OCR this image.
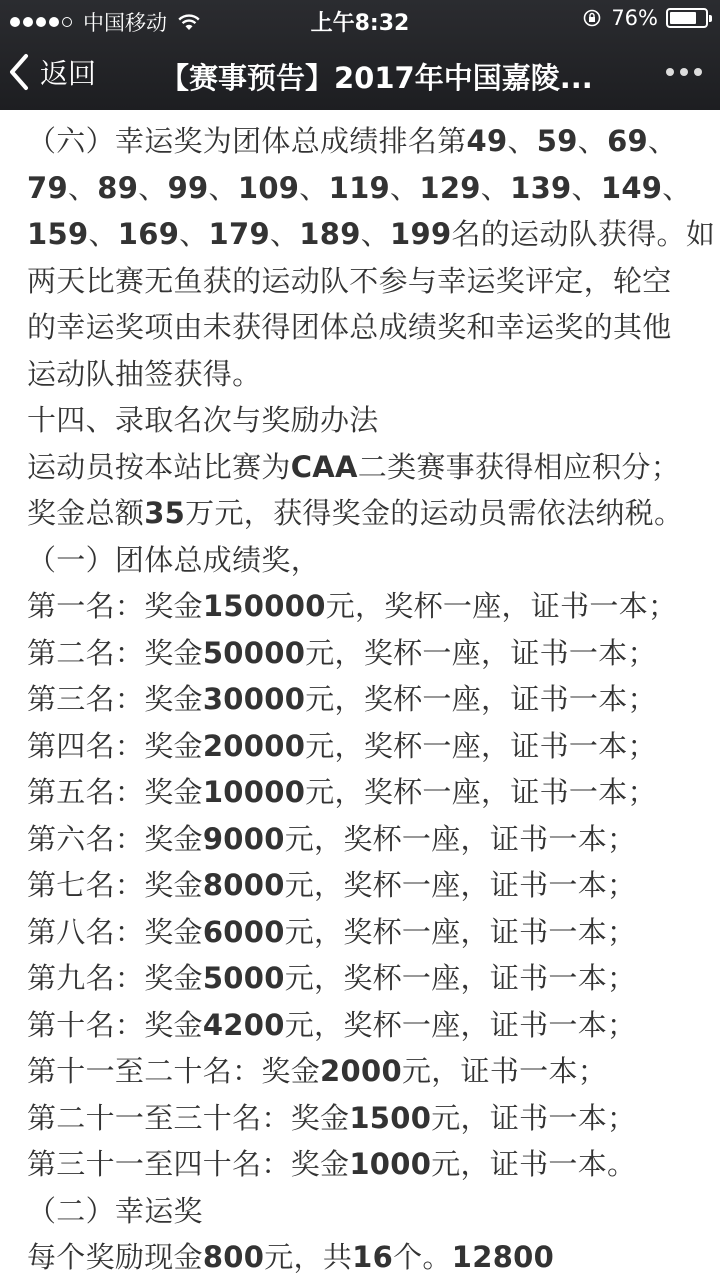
中国移动	上午8:32	76%
返回 【赛事预告】2017年中国嘉陵...
（六）幸运奖为团体总成绩排名第49、59、69、
79、89、99、109、119、129、139、149、
159、169、179、189、199名的运动队获得。如
两天比赛无鱼获的运动队不参与幸运奖评定，轮空
的幸运奖项由未获得团体总成绩奖和幸运奖的其他
运动队抽签获得。
十四、录取名次与奖励办法
运动员按本站比赛为CAA二类赛事获得相应积分；
奖金总额35万元，获得奖金的运动员需依法纳税。
（一）团体总成绩奖，
第一名：奖金150000元，奖杯一座，证书一本；
第二名：奖金50000元，奖杯一座，证书一本；
第三名：奖金30000元，奖杯一座，证书一本；
第四名：奖金20000元，奖杯一座，证书一本；
第五名：奖金10000元，奖杯一座，证书一本；
第六名：奖金9000元，奖杯一座，证书一本；
第七名：奖金8000元，奖杯一座，证书一本；
第八名：奖金6000元，奖杯一座，证书一本；
第九名：奖金5000元，奖杯一座，证书一本；
第十名：奖金4200元，奖杯一座，证书一本；
第十一至二十名：奖金2000元，证书一本；
第二十一至三十名：奖金1500元，证书一本；
第三十一至四十名：奖金1000元，证书一本。
（二）幸运奖
每个奖励现金800元，共16个。12800
